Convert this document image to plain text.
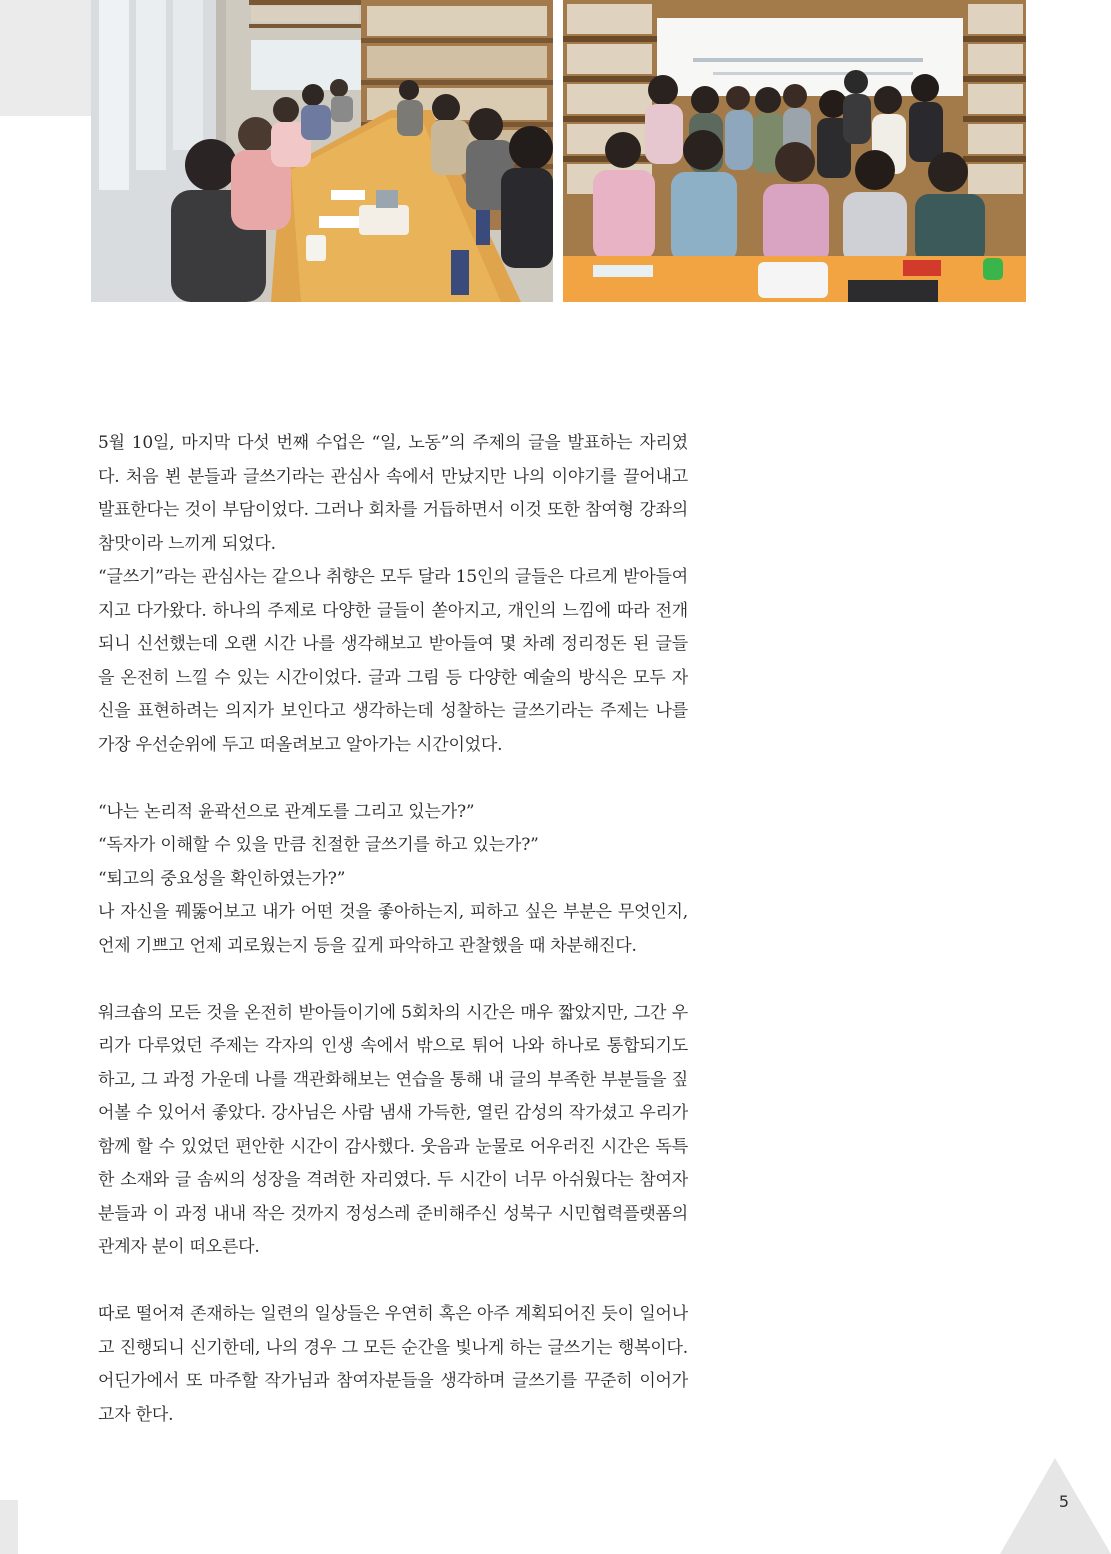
5월 10일, 마지막 다섯 번째 수업은 “일, 노동”의 주제의 글을 발표하는 자리였다. 처음 뵌 분들과 글쓰기라는 관심사 속에서 만났지만 나의 이야기를 끌어내고 발표한다는 것이 부담이었다. 그러나 회차를 거듭하면서 이것 또한 참여형 강좌의 참맛이라 느끼게 되었다.

“글쓰기”라는 관심사는 같으나 취향은 모두 달라 15인의 글들은 다르게 받아들여지고 다가왔다. 하나의 주제로 다양한 글들이 쏟아지고, 개인의 느낌에 따라 전개되니 신선했는데 오랜 시간 나를 생각해보고 받아들여 몇 차례 정리정돈 된 글들을 온전히 느낄 수 있는 시간이었다. 글과 그림 등 다양한 예술의 방식은 모두 자신을 표현하려는 의지가 보인다고 생각하는데 성찰하는 글쓰기라는 주제는 나를 가장 우선순위에 두고 떠올려보고 알아가는 시간이었다.

“나는 논리적 윤곽선으로 관계도를 그리고 있는가?”

“독자가 이해할 수 있을 만큼 친절한 글쓰기를 하고 있는가?”

“퇴고의 중요성을 확인하였는가?”

나 자신을 꿰뚫어보고 내가 어떤 것을 좋아하는지, 피하고 싶은 부분은 무엇인지, 언제 기쁘고 언제 괴로웠는지 등을 깊게 파악하고 관찰했을 때 차분해진다.

워크숍의 모든 것을 온전히 받아들이기에 5회차의 시간은 매우 짧았지만, 그간 우리가 다루었던 주제는 각자의 인생 속에서 밖으로 튀어 나와 하나로 통합되기도 하고, 그 과정 가운데 나를 객관화해보는 연습을 통해 내 글의 부족한 부분들을 짚어볼 수 있어서 좋았다. 강사님은 사람 냄새 가득한, 열린 감성의 작가셨고 우리가 함께 할 수 있었던 편안한 시간이 감사했다. 웃음과 눈물로 어우러진 시간은 독특한 소재와 글 솜씨의 성장을 격려한 자리였다. 두 시간이 너무 아쉬웠다는 참여자 분들과 이 과정 내내 작은 것까지 정성스레 준비해주신 성북구 시민협력플랫폼의 관계자 분이 떠오른다.

따로 떨어져 존재하는 일련의 일상들은 우연히 혹은 아주 계획되어진 듯이 일어나고 진행되니 신기한데, 나의 경우 그 모든 순간을 빛나게 하는 글쓰기는 행복이다. 어딘가에서 또 마주할 작가님과 참여자분들을 생각하며 글쓰기를 꾸준히 이어가고자 한다.

5
